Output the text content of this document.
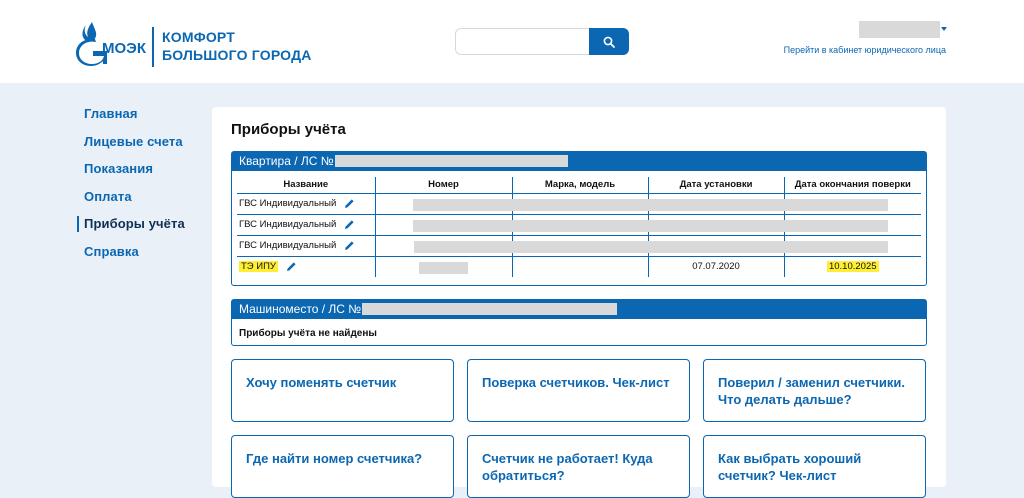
МОЭК
КОМФОРТ
БОЛЬШОГО ГОРОДА	Перейти в кабинет юридического лица
Главная
Лицевые счета
Показания
Оплата
Приборы учёта
Справка
Приборы учёта
Квартира / ЛС №
Название	Номер	Марка, модель	Дата установки	Дата окончания поверки
ГВС Индивидуальный

ГВС Индивидуальный

ГВС Индивидуальный

ТЭ ИПУ			07.07.2020	10.10.2025
Машиноместо / ЛС №
Приборы учёта не найдены
Хочу поменять счетчик	Поверка счетчиков. Чек-лист	Поверил / заменил счетчики. Что делать дальше?
Где найти номер счетчика?	Счетчик не работает! Куда обратиться?
Как выбрать хороший счетчик? Чек-лист
